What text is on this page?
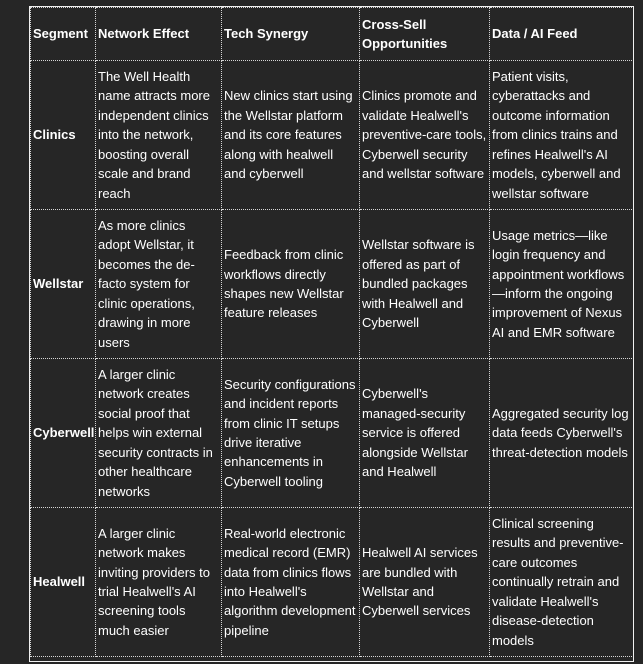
Segment	Network Effect	Tech Synergy	Cross-Sell Opportunities	Data / AI Feed
Clinics	The Well Health name attracts more independent clinics into the network, boosting overall scale and brand reach	New clinics start using the Wellstar platform and its core features along with healwell and cyberwell	Clinics promote and validate Healwell's preventive-care tools, Cyberwell security and wellstar software	Patient visits, cyberattacks and outcome information from clinics trains and refines Healwell's AI models, cyberwell and wellstar software
Wellstar	As more clinics adopt Wellstar, it becomes the de-facto system for clinic operations, drawing in more users	Feedback from clinic workflows directly shapes new Wellstar feature releases	Wellstar software is offered as part of bundled packages with Healwell and Cyberwell	Usage metrics—like login frequency and appointment workflows—inform the ongoing improvement of Nexus AI and EMR software
Cyberwell	A larger clinic network creates social proof that helps win external security contracts in other healthcare networks	Security configurations and incident reports from clinic IT setups drive iterative enhancements in Cyberwell tooling	Cyberwell's managed-security service is offered alongside Wellstar and Healwell	Aggregated security log data feeds Cyberwell's threat-detection models
Healwell	A larger clinic network makes inviting providers to trial Healwell's AI screening tools much easier	Real-world electronic medical record (EMR) data from clinics flows into Healwell's algorithm development pipeline	Healwell AI services are bundled with Wellstar and Cyberwell services	Clinical screening results and preventive-care outcomes continually retrain and validate Healwell's disease-detection models
